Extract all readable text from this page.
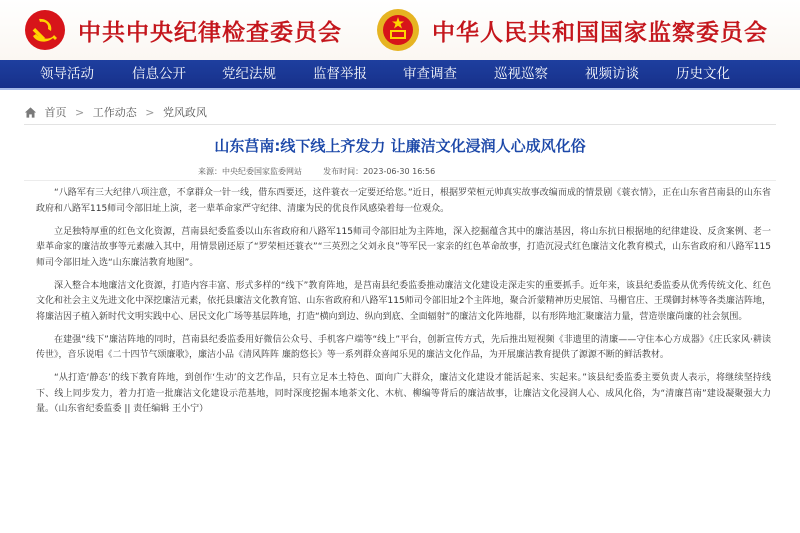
中共中央纪律检查委员会	中华人民共和国国家监察委员会
领导活动	信息公开	党纪法规	监督举报	审查调查	巡视巡察	视频访谈	历史文化
首页 > 工作动态 > 党风政风
山东莒南:线下线上齐发力 让廉洁文化浸润人心成风化俗
来源：中央纪委国家监委网站	发布时间：2023-06-30 16:56

“八路军有三大纪律八项注意，不拿群众一针一线，借东西要还，这件蓑衣一定要还给您。”近日，根据罗荣桓元帅真实故事改编而成的情景剧《蓑衣情》，正在山东省莒南县的山东省政府和八路军115师司令部旧址上演，老一辈革命家严守纪律、清廉为民的优良作风感染着每一位观众。

立足独特厚重的红色文化资源，莒南县纪委监委以山东省政府和八路军115师司令部旧址为主阵地，深入挖掘蕴含其中的廉洁基因，将山东抗日根据地的纪律建设、反贪案例、老一辈革命家的廉洁故事等元素融入其中，用情景剧还原了“罗荣桓还蓑衣”“三英烈之父刘永良”等军民一家亲的红色革命故事，打造沉浸式红色廉洁文化教育模式，山东省政府和八路军115师司令部旧址入选“山东廉洁教育地图”。

深入整合本地廉洁文化资源，打造内容丰富、形式多样的“线下”教育阵地，是莒南县纪委监委推动廉洁文化建设走深走实的重要抓手。近年来，该县纪委监委从优秀传统文化、红色文化和社会主义先进文化中深挖廉洁元素，依托县廉洁文化教育馆、山东省政府和八路军115师司令部旧址2个主阵地，聚合沂蒙精神历史展馆、马栅官庄、王璞御封林等各类廉洁阵地，将廉洁因子植入新时代文明实践中心、居民文化广场等基层阵地，打造“横向到边、纵向到底、全面辐射”的廉洁文化阵地群，以有形阵地汇聚廉洁力量，营造崇廉尚廉的社会氛围。

在建强“线下”廉洁阵地的同时，莒南县纪委监委用好微信公众号、手机客户端等“线上”平台，创新宣传方式，先后推出短视频《非遗里的清廉——守住本心方成器》《庄氏家风·耕读传世》，音乐说唱《二十四节气颂廉歌》，廉洁小品《清风阵阵 廉韵悠长》等一系列群众喜闻乐见的廉洁文化作品，为开展廉洁教育提供了源源不断的鲜活教材。

“从打造‘静态’的线下教育阵地，到创作‘生动’的文艺作品，只有立足本土特色、面向广大群众，廉洁文化建设才能活起来、实起来。”该县纪委监委主要负责人表示，将继续坚持线下、线上同步发力，着力打造一批廉洁文化建设示范基地，同时深度挖掘本地茶文化、木杭、柳编等背后的廉洁故事，让廉洁文化浸润人心、成风化俗，为“清廉莒南”建设凝聚强大力量。（山东省纪委监委 || 责任编辑 王小宁）
